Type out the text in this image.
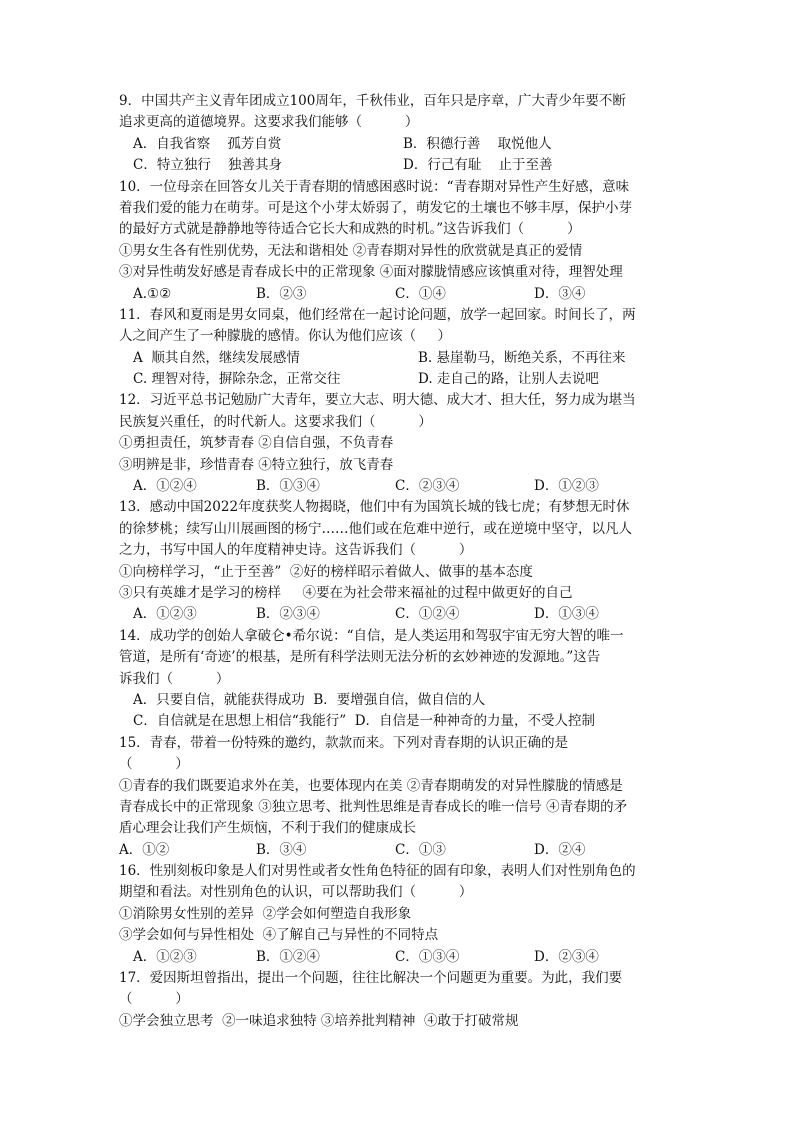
9．中国共产主义青年团成立100周年，千秋伟业，百年只是序章，广大青少年要不断
追求更高的道德境界。这要求我们能够（          ）
A．自我省察    孤芳自赏	B．积德行善    取悦他人
C．特立独行    独善其身	D．行己有耻    止于至善
10．一位母亲在回答女儿关于青春期的情感困惑时说：“青春期对异性产生好感，意味
着我们爱的能力在萌芽。可是这个小芽太娇弱了，萌发它的土壤也不够丰厚，保护小芽
的最好方式就是静静地等待适合它长大和成熟的时机。”这告诉我们（          ）
①男女生各有性别优势，无法和谐相处 ②青春期对异性的欣赏就是真正的爱情
③对异性萌发好感是青春成长中的正常现象 ④面对朦胧情感应该慎重对待，理智处理
A.①②	B．②③	C．①④	D．③④
11．春风和夏雨是男女同桌，他们经常在一起讨论问题，放学一起回家。时间长了，两
人之间产生了一种朦胧的感情。你认为他们应该（     ）
A  顺其自然，继续发展感情	B. 悬崖勒马，断绝关系，不再往来
C. 理智对待，摒除杂念，正常交往	D. 走自己的路，让别人去说吧
12．习近平总书记勉励广大青年，要立大志、明大德、成大才、担大任，努力成为堪当
民族复兴重任，的时代新人。这要求我们（          ）
①勇担责任，筑梦青春 ②自信自强，不负青春
③明辨是非，珍惜青春 ④特立独行，放飞青春
A．①②④	B．①③④	C．②③④	D．①②③
13．感动中国2022年度获奖人物揭晓，他们中有为国筑长城的钱七虎；有梦想无时休
的徐梦桃；续写山川展画图的杨宁……他们或在危难中逆行，或在逆境中坚守，以凡人
之力，书写中国人的年度精神史诗。这告诉我们（          ）
①向榜样学习，“止于至善”  ②好的榜样昭示着做人、做事的基本态度
③只有英雄才是学习的榜样     ④要在为社会带来福祉的过程中做更好的自己
A．①②③	B．②③④	C．①②④	D．①③④
14．成功学的创始人拿破仑•希尔说：“自信，是人类运用和驾驭宇宙无穷大智的唯一
管道，是所有‘奇迹’的根基，是所有科学法则无法分析的玄妙神迹的发源地。”这告
诉我们（          ）
A．只要自信，就能获得成功  B．要增强自信，做自信的人
C．自信就是在思想上相信“我能行”  D．自信是一种神奇的力量，不受人控制
15．青春，带着一份特殊的邀约，款款而来。下列对青春期的认识正确的是
（          ）
①青春的我们既要追求外在美，也要体现内在美 ②青春期萌发的对异性朦胧的情感是
青春成长中的正常现象 ③独立思考、批判性思维是青春成长的唯一信号 ④青春期的矛
盾心理会让我们产生烦恼，不利于我们的健康成长
A．①②	B．③④	C．①③	D．②④
16．性别刻板印象是人们对男性或者女性角色特征的固有印象，表明人们对性别角色的
期望和看法。对性别角色的认识，可以帮助我们（          ）
①消除男女性别的差异  ②学会如何塑造自我形象
③学会如何与异性相处  ④了解自己与异性的不同特点
A．①②③	B．①②④	C．①③④	D．②③④
17．爱因斯坦曾指出，提出一个问题，往往比解决一个问题更为重要。为此，我们要
（          ）
①学会独立思考  ②一味追求独特 ③培养批判精神  ④敢于打破常规
